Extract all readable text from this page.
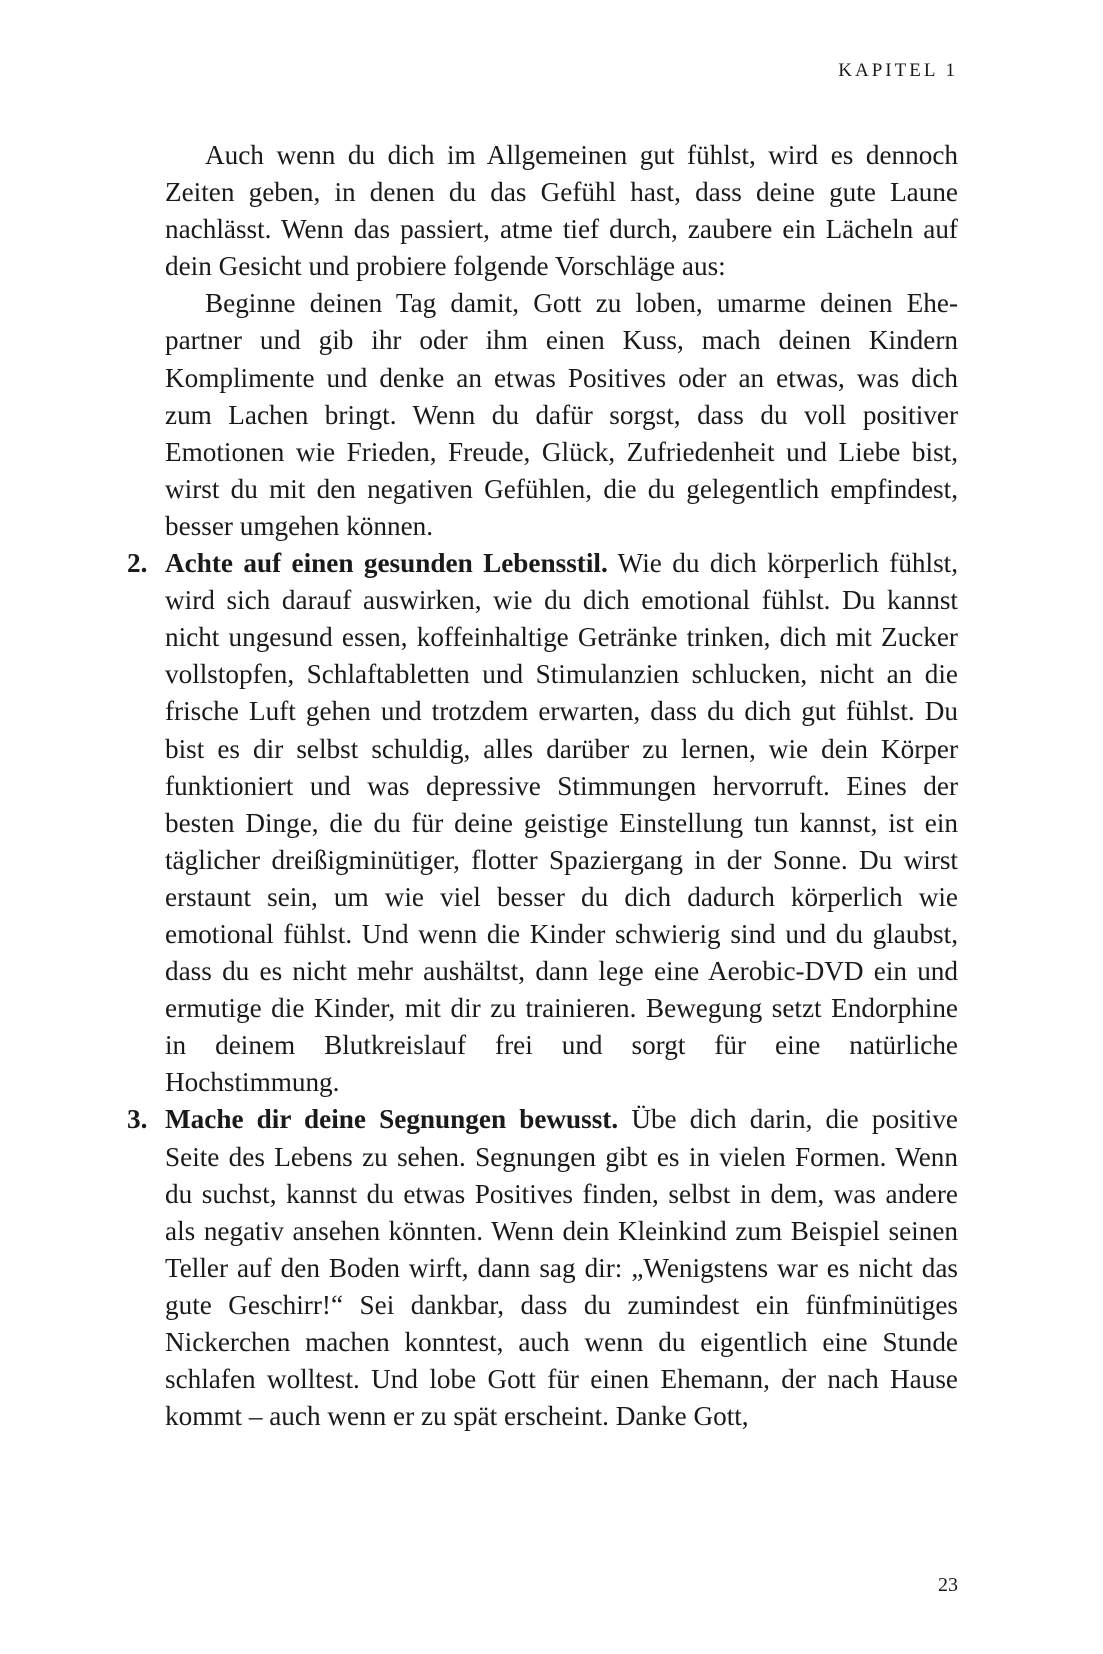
KAPITEL 1

Auch wenn du dich im Allgemeinen gut fühlst, wird es dennoch Zeiten geben, in denen du das Gefühl hast, dass deine gute Laune nachlässt. Wenn das passiert, atme tief durch, zaubere ein Lächeln auf dein Gesicht und probiere folgende Vorschläge aus:

Beginne deinen Tag damit, Gott zu loben, umarme deinen Ehepartner und gib ihr oder ihm einen Kuss, mach deinen Kindern Komplimente und denke an etwas Positives oder an etwas, was dich zum Lachen bringt. Wenn du dafür sorgst, dass du voll positiver Emotionen wie Frieden, Freude, Glück, Zufriedenheit und Liebe bist, wirst du mit den negativen Gefühlen, die du gelegentlich empfindest, besser umgehen können.

2. Achte auf einen gesunden Lebensstil. Wie du dich körperlich fühlst, wird sich darauf auswirken, wie du dich emotional fühlst. Du kannst nicht ungesund essen, koffeinhaltige Getränke trinken, dich mit Zucker vollstopfen, Schlaftabletten und Stimulanzien schlucken, nicht an die frische Luft gehen und trotzdem erwarten, dass du dich gut fühlst. Du bist es dir selbst schuldig, alles darüber zu lernen, wie dein Körper funktioniert und was depressive Stimmungen hervorruft. Eines der besten Dinge, die du für deine geistige Einstellung tun kannst, ist ein täglicher dreißigminütiger, flotter Spaziergang in der Sonne. Du wirst erstaunt sein, um wie viel besser du dich dadurch körperlich wie emotional fühlst. Und wenn die Kinder schwierig sind und du glaubst, dass du es nicht mehr aushältst, dann lege eine Aerobic-DVD ein und ermutige die Kinder, mit dir zu trainieren. Bewegung setzt Endorphine in deinem Blutkreislauf frei und sorgt für eine natürliche Hochstimmung.

3. Mache dir deine Segnungen bewusst. Übe dich darin, die positive Seite des Lebens zu sehen. Segnungen gibt es in vielen Formen. Wenn du suchst, kannst du etwas Positives finden, selbst in dem, was andere als negativ ansehen könnten. Wenn dein Kleinkind zum Beispiel seinen Teller auf den Boden wirft, dann sag dir: „Wenigstens war es nicht das gute Geschirr!“ Sei dankbar, dass du zumindest ein fünfminütiges Nickerchen machen konntest, auch wenn du eigentlich eine Stunde schlafen wolltest. Und lobe Gott für einen Ehemann, der nach Hause kommt – auch wenn er zu spät erscheint. Danke Gott,

23
